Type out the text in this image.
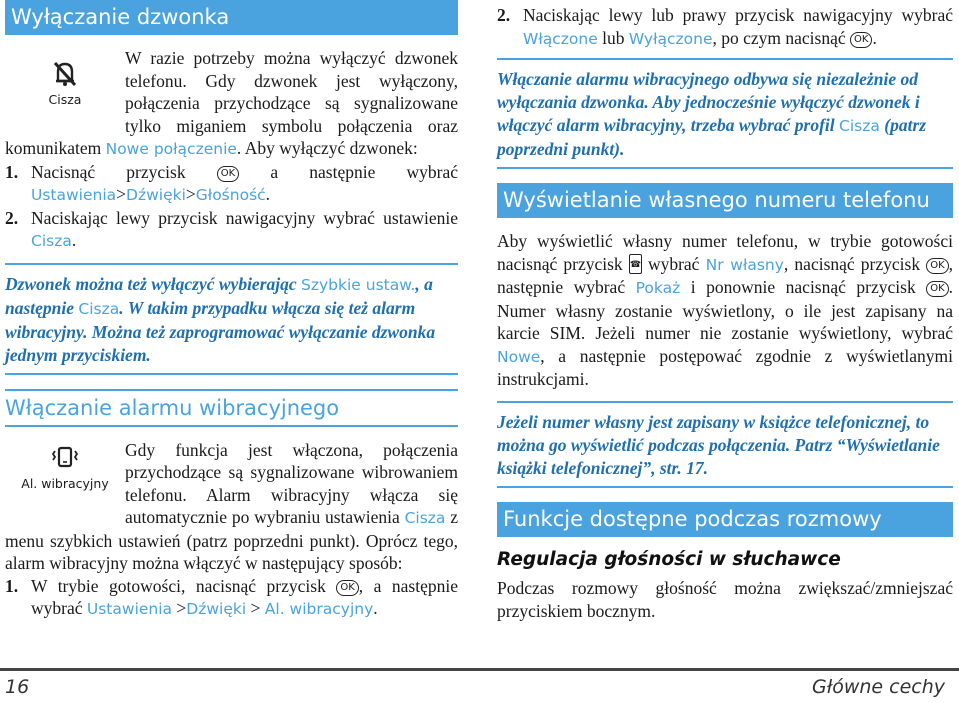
Wyłączanie dzwonka
Cisza

W razie potrzeby można wyłączyć dzwonek telefonu. Gdy dzwonek jest wyłączony, połączenia przychodzące są sygnalizowane tylko miganiem symbolu połączenia oraz komunikatem Nowe połączenie. Aby wyłączyć dzwonek:

1. Nacisnąć przycisk	OK a następnie wybrać Ustawienia>Dźwięki>Głośność.
2. Naciskając lewy przycisk nawigacyjny wybrać ustawienie Cisza.
Dzwonek można też wyłączyć wybierając Szybkie ustaw., a następnie Cisza. W takim przypadku włącza się też alarm wibracyjny. Można też zaprogramować wyłączanie dzwonka jednym przyciskiem.
Włączanie alarmu wibracyjnego
Al. wibracyjny

Gdy funkcja jest włączona, połączenia przychodzące są sygnalizowane wibrowaniem telefonu. Alarm wibracyjny włącza się automatycznie po wybraniu ustawienia Cisza z menu szybkich ustawień (patrz poprzedni punkt). Oprócz tego, alarm wibracyjny można włączyć w następujący sposób:

1. W trybie gotowości, nacisnąć przycisk OK , a następnie wybrać Ustawienia >Dźwięki > Al. wibracyjny.
2. Naciskając lewy lub prawy przycisk nawigacyjny wybrać Włączone lub Wyłączone, po czym nacisnąć OK .
Włączanie alarmu wibracyjnego odbywa się niezależnie od wyłączania dzwonka. Aby jednocześnie wyłączyć dzwonek i włączyć alarm wibracyjny, trzeba wybrać profil Cisza (patrz poprzedni punkt).
Wyświetlanie własnego numeru telefonu

Aby wyświetlić własny numer telefonu, w trybie gotowości nacisnąć przycisk ☎ wybrać Nr własny, nacisnąć przycisk OK , następnie wybrać Pokaż i ponownie nacisnąć przycisk OK . Numer własny zostanie wyświetlony, o ile jest zapisany na karcie SIM. Jeżeli numer nie zostanie wyświetlony, wybrać Nowe, a następnie postępować zgodnie z wyświetlanymi instrukcjami.

Jeżeli numer własny jest zapisany w książce telefonicznej, to można go wyświetlić podczas połączenia. Patrz “Wyświetlanie książki telefonicznej”, str. 17.
Funkcje dostępne podczas rozmowy
Regulacja głośności w słuchawce

Podczas rozmowy głośność można zwiększać/zmniejszać przyciskiem bocznym.

16	Główne cechy
